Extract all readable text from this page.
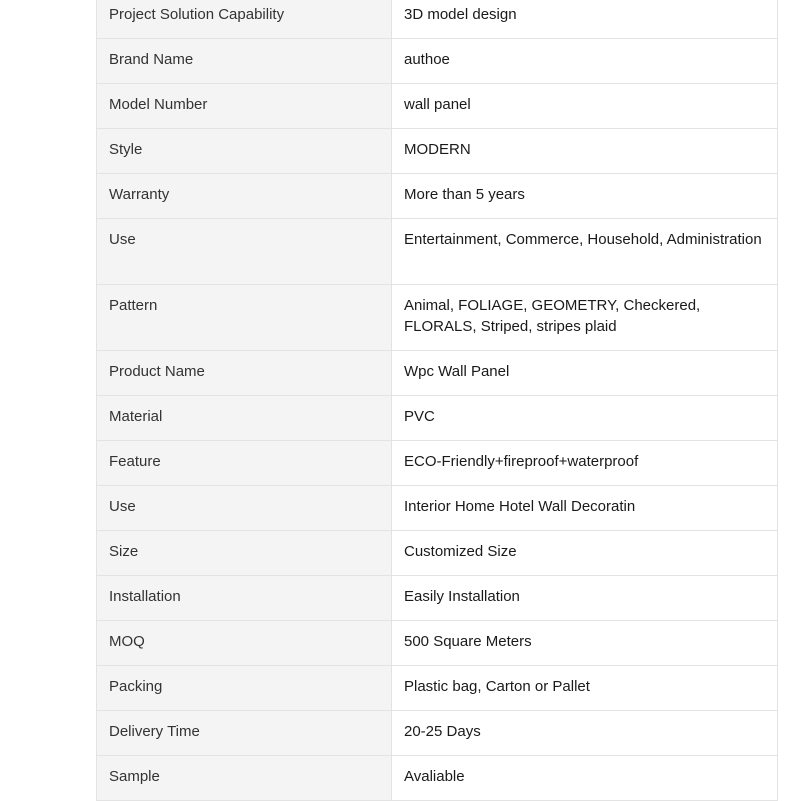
Project Solution Capability	3D model design
Brand Name	authoe
Model Number	wall panel
Style	MODERN
Warranty	More than 5 years
Use	Entertainment, Commerce, Household, Administration
Pattern	Animal, FOLIAGE, GEOMETRY, Checkered, FLORALS, Striped, stripes plaid
Product Name	Wpc Wall Panel
Material	PVC
Feature	ECO-Friendly+fireproof+waterproof
Use	Interior Home Hotel Wall Decoratin
Size	Customized Size
Installation	Easily Installation
MOQ	500 Square Meters
Packing	Plastic bag, Carton or Pallet
Delivery Time	20-25 Days
Sample	Avaliable
